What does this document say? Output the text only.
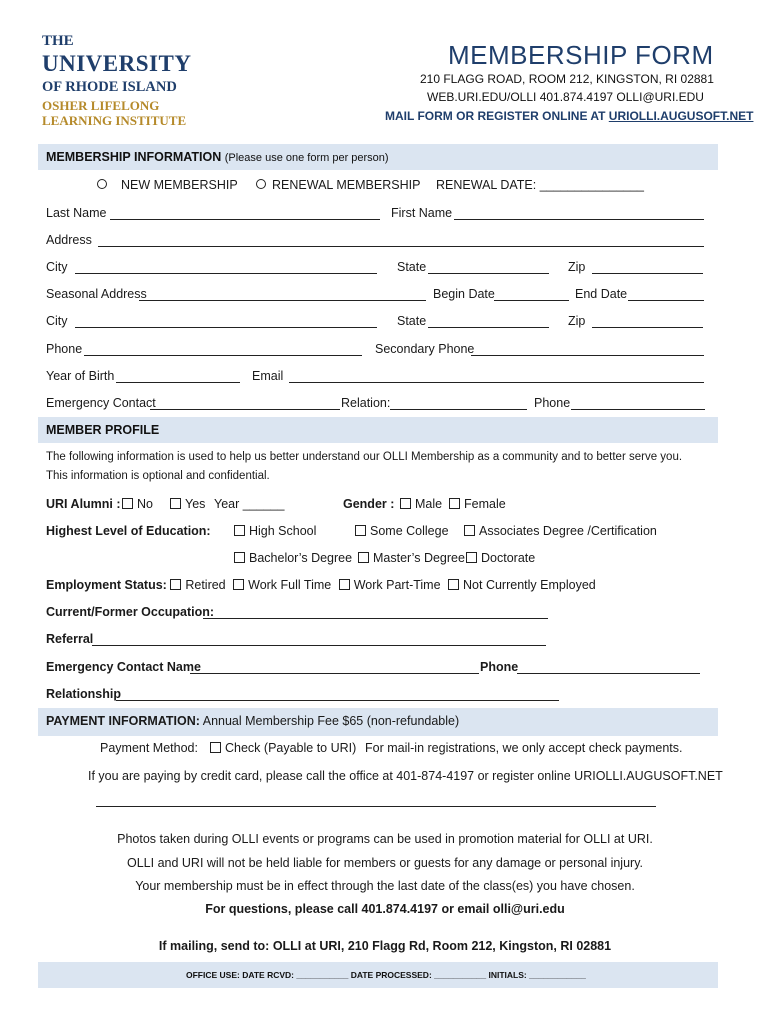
THE
UNIVERSITY
OF RHODE ISLAND
OSHER LIFELONG
LEARNING INSTITUTE
MEMBERSHIP FORM
210 FLAGG ROAD, ROOM 212, KINGSTON, RI 02881
WEB.URI.EDU/OLLI 401.874.4197 OLLI@URI.EDU
MAIL FORM OR REGISTER ONLINE AT URIOLLI.AUGUSOFT.NET
MEMBERSHIP INFORMATION (Please use one form per person)
NEW MEMBERSHIP	RENEWAL MEMBERSHIP RENEWAL DATE: _______________
Last Name	First Name
Address
City	State	Zip
Seasonal Address	Begin Date	End Date
City	State	Zip
Phone	Secondary Phone
Year of Birth	Email
Emergency Contact	Relation:	Phone
MEMBER PROFILE
The following information is used to help us better understand our OLLI Membership as a community and to better serve you.
This information is optional and confidential.
URI Alumni :	No	Yes Year ______	Gender :	Male	Female
Highest Level of Education:	High School	Some College	Associates Degree /Certification
Bachelor’s Degree	Master’s Degree	Doctorate
Employment Status: Retired Work Full Time Work Part-Time Not Currently Employed
Current/Former Occupation:
Referral
Emergency Contact Name	Phone
Relationship
PAYMENT INFORMATION: Annual Membership Fee $65 (non-refundable)
Payment Method:	Check (Payable to URI) For mail-in registrations, we only accept check payments.
If you are paying by credit card, please call the office at 401-874-4197 or register online URIOLLI.AUGUSOFT.NET
Photos taken during OLLI events or programs can be used in promotion material for OLLI at URI.
OLLI and URI will not be held liable for members or guests for any damage or personal injury.
Your membership must be in effect through the last date of the class(es) you have chosen.
For questions, please call 401.874.4197 or email olli@uri.edu
If mailing, send to: OLLI at URI, 210 Flagg Rd, Room 212, Kingston, RI 02881
OFFICE USE: DATE RCVD: ___________ DATE PROCESSED: ___________ INITIALS: ____________
